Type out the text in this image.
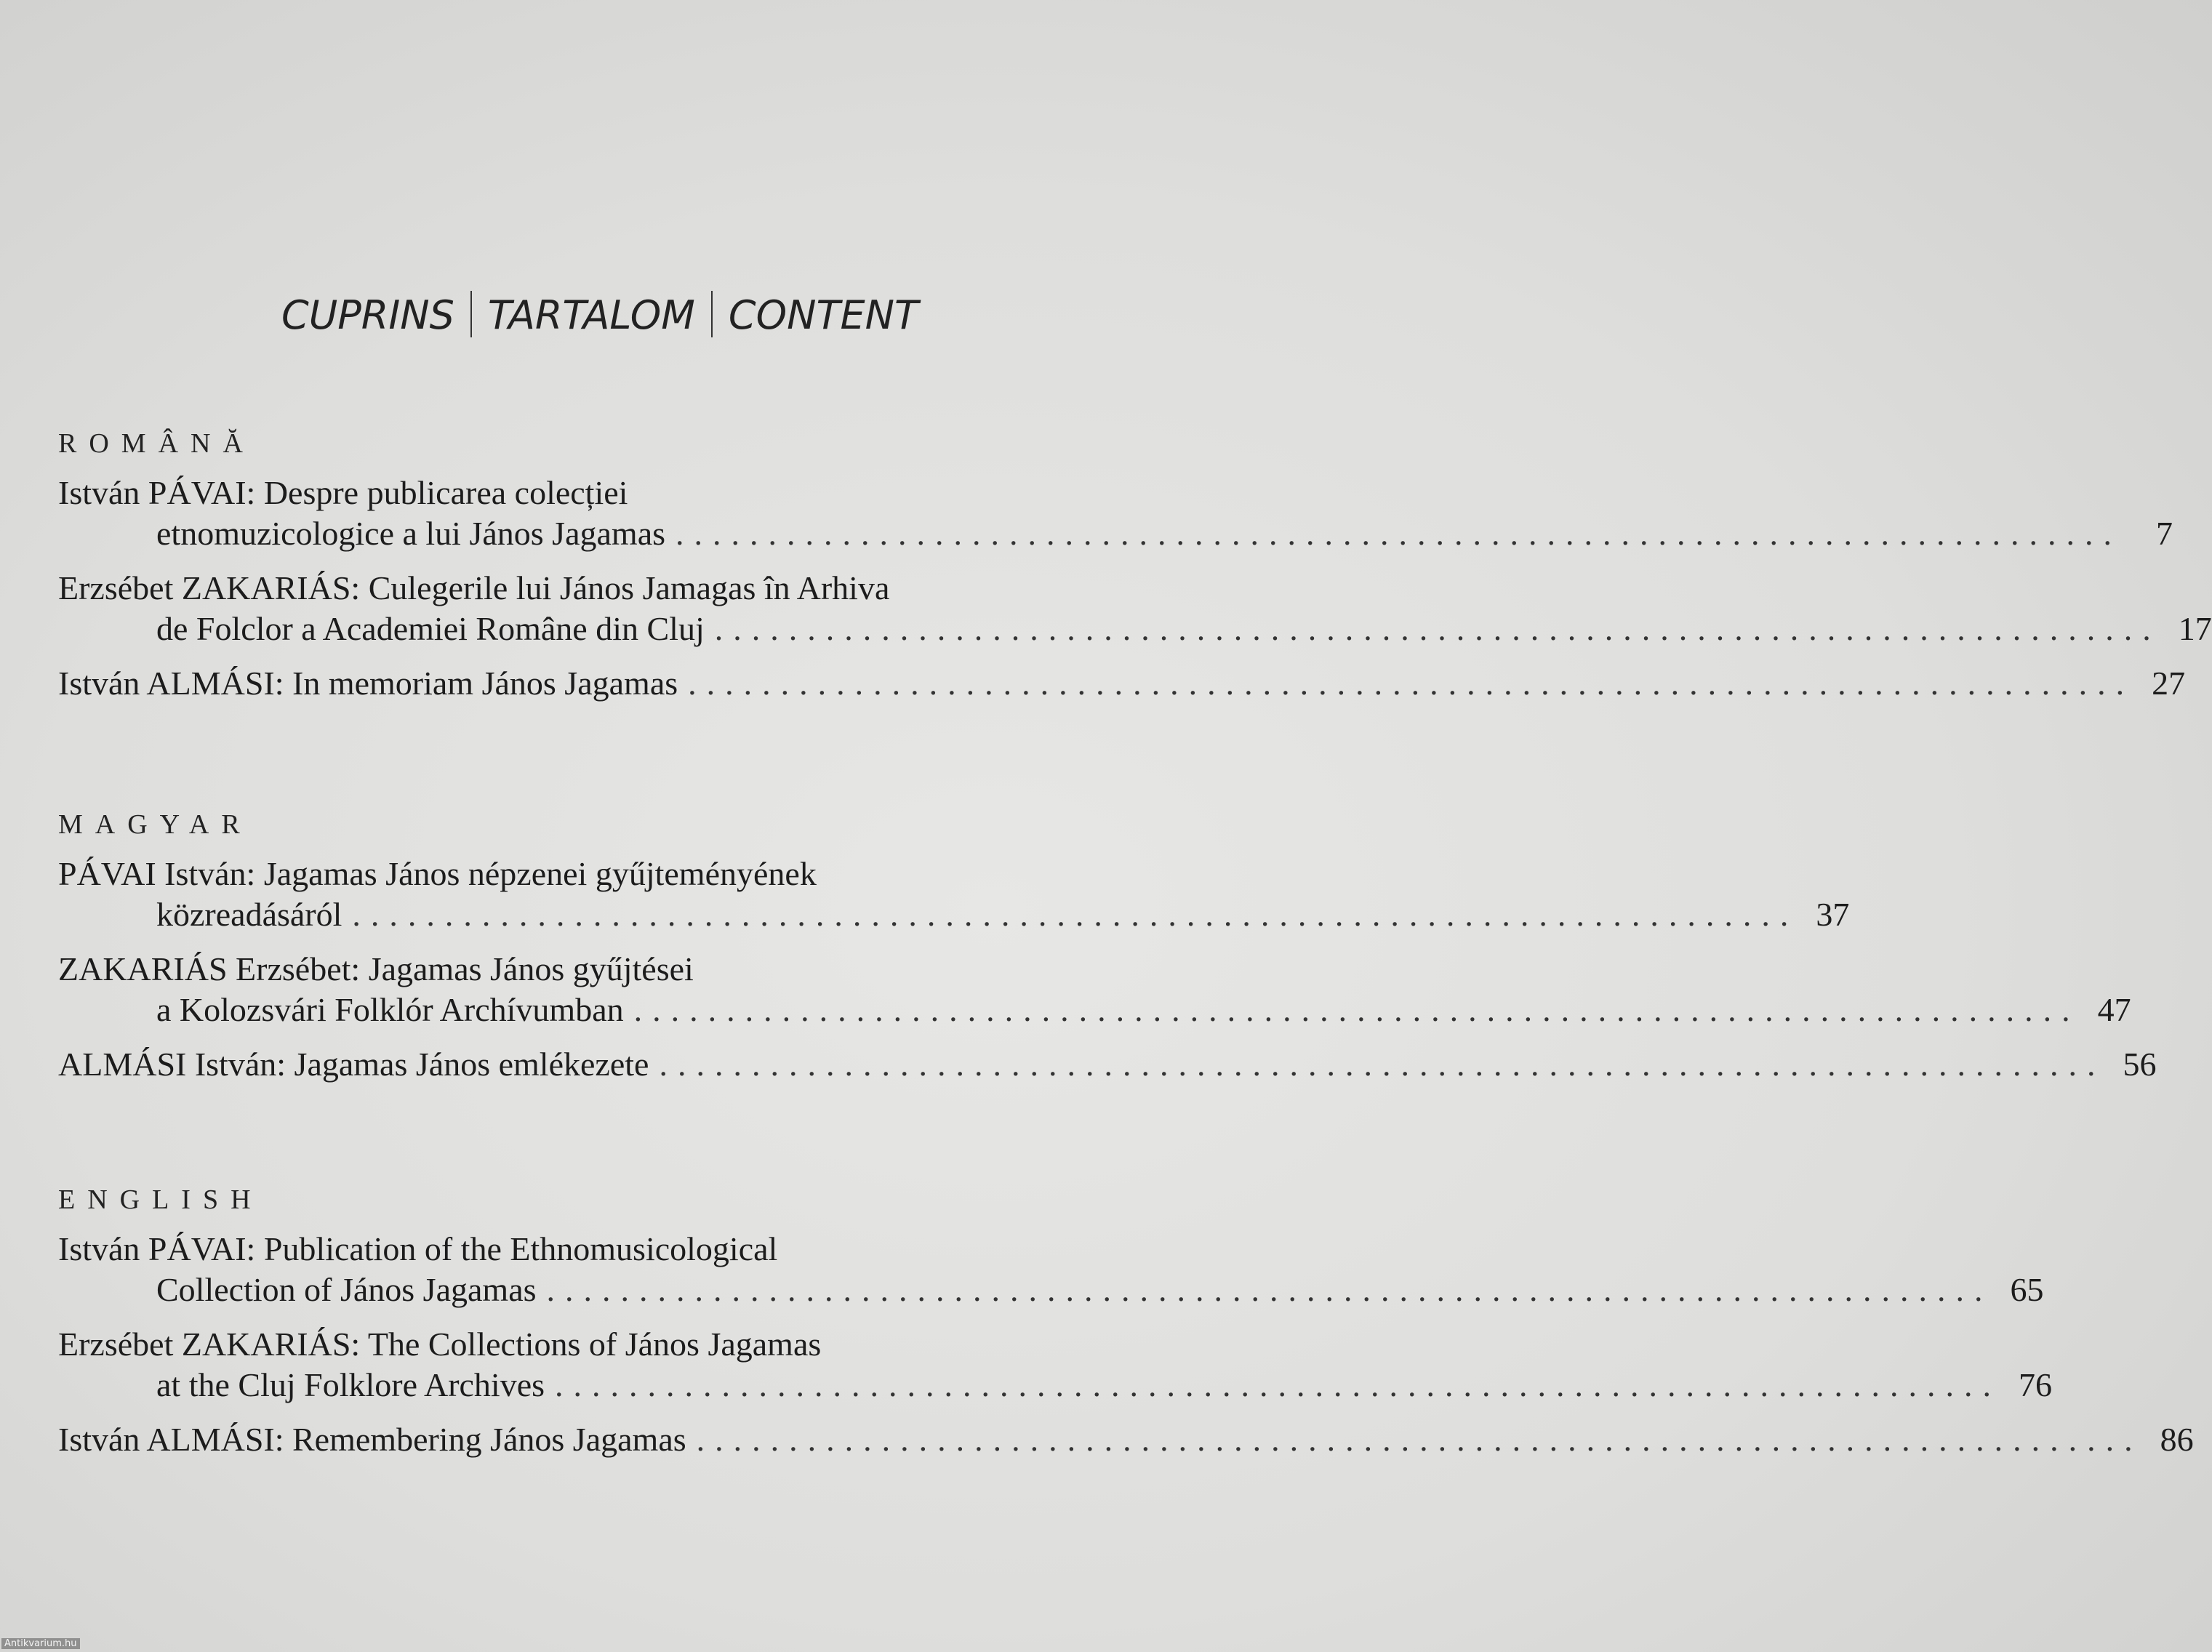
CUPRINS TARTALOM CONTENT
ROMÂNĂ
István PÁVAI: Despre publicarea colecției
etnomuzicologice a lui János Jagamas ..............................................................................	7
Erzsébet ZAKARIÁS: Culegerile lui János Jamagas în Arhiva
de Folclor a Academiei Române din Cluj .............................................................................. 17
István ALMÁSI: In memoriam János Jagamas .............................................................................. 27
MAGYAR
PÁVAI István: Jagamas János népzenei gyűjteményének
közreadásáról .............................................................................. 37
ZAKARIÁS Erzsébet: Jagamas János gyűjtései
a Kolozsvári Folklór Archívumban .............................................................................. 47
ALMÁSI István: Jagamas János emlékezete .............................................................................. 56
ENGLISH
István PÁVAI: Publication of the Ethnomusicological
Collection of János Jagamas .............................................................................. 65
Erzsébet ZAKARIÁS: The Collections of János Jagamas
at the Cluj Folklore Archives .............................................................................. 76
István ALMÁSI: Remembering János Jagamas .............................................................................. 86
Antikvarium.hu
